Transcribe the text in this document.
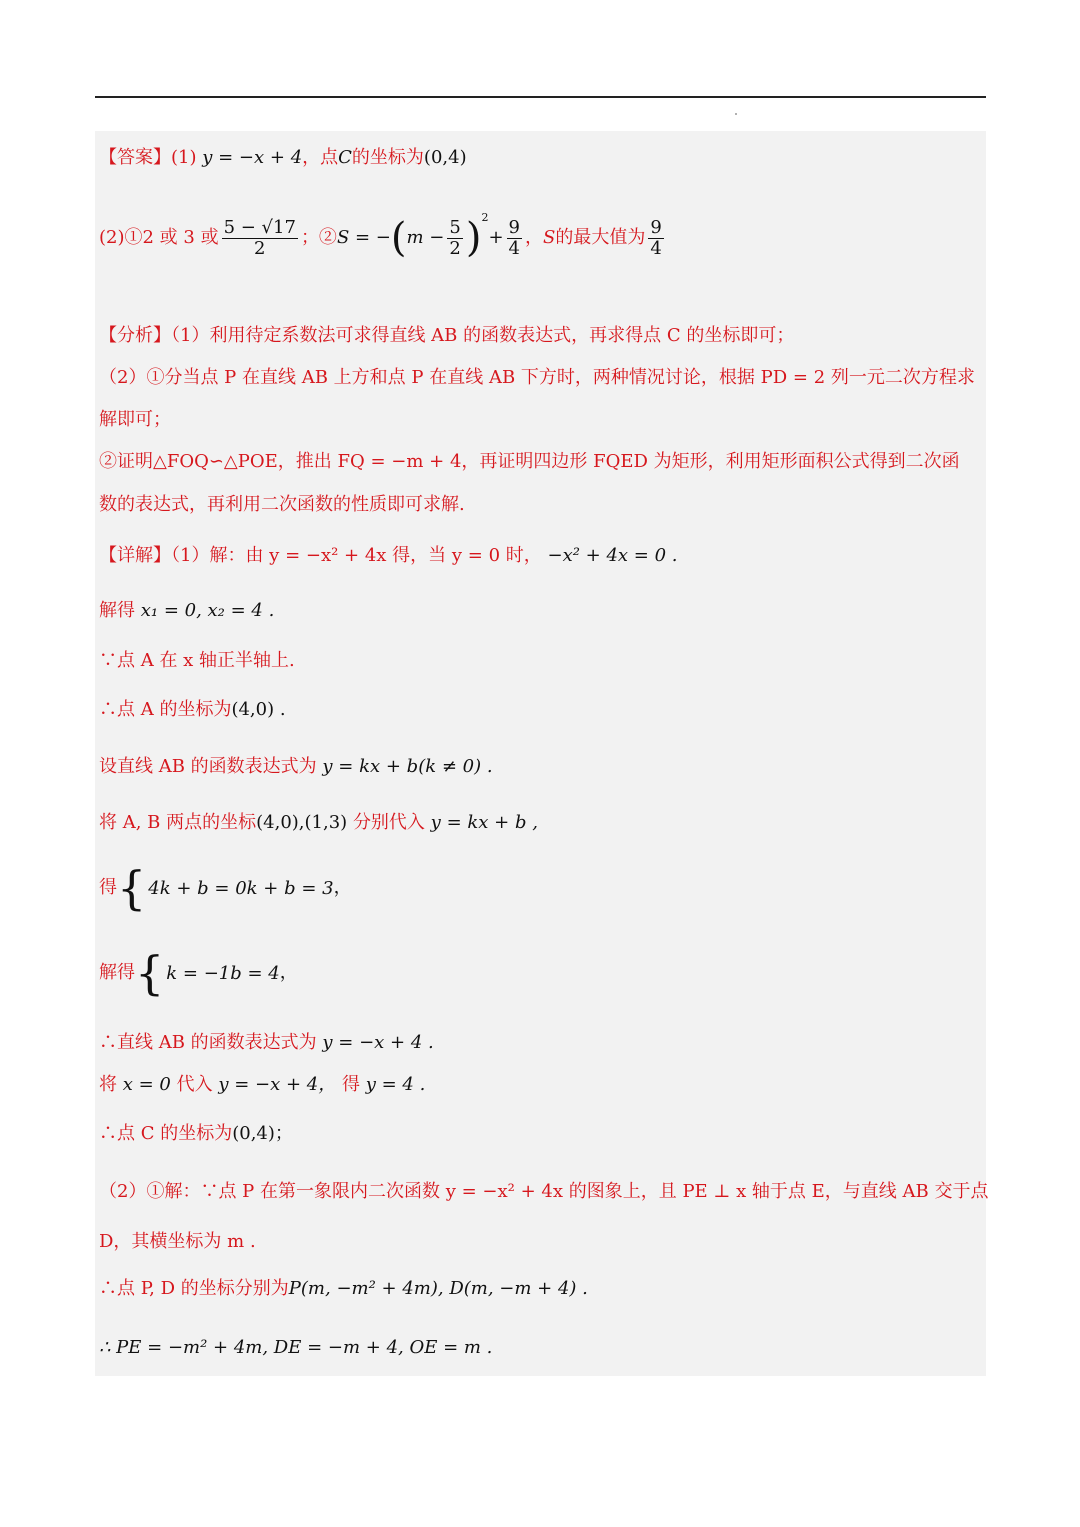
【答案】(1) y = −x + 4，点C的坐标为(0,4)
(2)①2 或 3 或 $\frac{5 - √17}{2}$ ；②S = $-(m - \frac{5}{2} )^2+ \frac{9}{4}$ ，S的最大值为 $\frac{9}{4}$
【分析】（1）利用待定系数法可求得直线 AB 的函数表达式，再求得点 C 的坐标即可；
（2）①分当点 P 在直线 AB 上方和点 P 在直线 AB 下方时，两种情况讨论，根据 PD = 2 列一元二次方程求
解即可；
②证明△FOQ∽△POE，推出 FQ = −m + 4，再证明四边形 FQED 为矩形，利用矩形面积公式得到二次函
数的表达式，再利用二次函数的性质即可求解.
【详解】（1）解：由 y = −x² + 4x 得，当 y = 0 时， −x² + 4x = 0 .
解得 x₁ = 0, x₂ = 4 .
∵点 A 在 x 轴正半轴上.
∴点 A 的坐标为(4,0) .
设直线 AB 的函数表达式为 y = kx + b(k ≠ 0) .
将 A, B 两点的坐标(4,0),(1,3) 分别代入 y = kx + b ,
得{ 4k + b = 0k + b = 3，
解得{ k = −1b = 4，
∴直线 AB 的函数表达式为 y = −x + 4 .
将 x = 0 代入 y = −x + 4， 得 y = 4 .
∴点 C 的坐标为(0,4)；
（2）①解：∵点 P 在第一象限内二次函数 y = −x² + 4x 的图象上，且 PE ⊥ x 轴于点 E，与直线 AB 交于点
D，其横坐标为 m .
∴点 P, D 的坐标分别为P(m, −m² + 4m), D(m, −m + 4) .
∴ PE = −m² + 4m, DE = −m + 4, OE = m .
